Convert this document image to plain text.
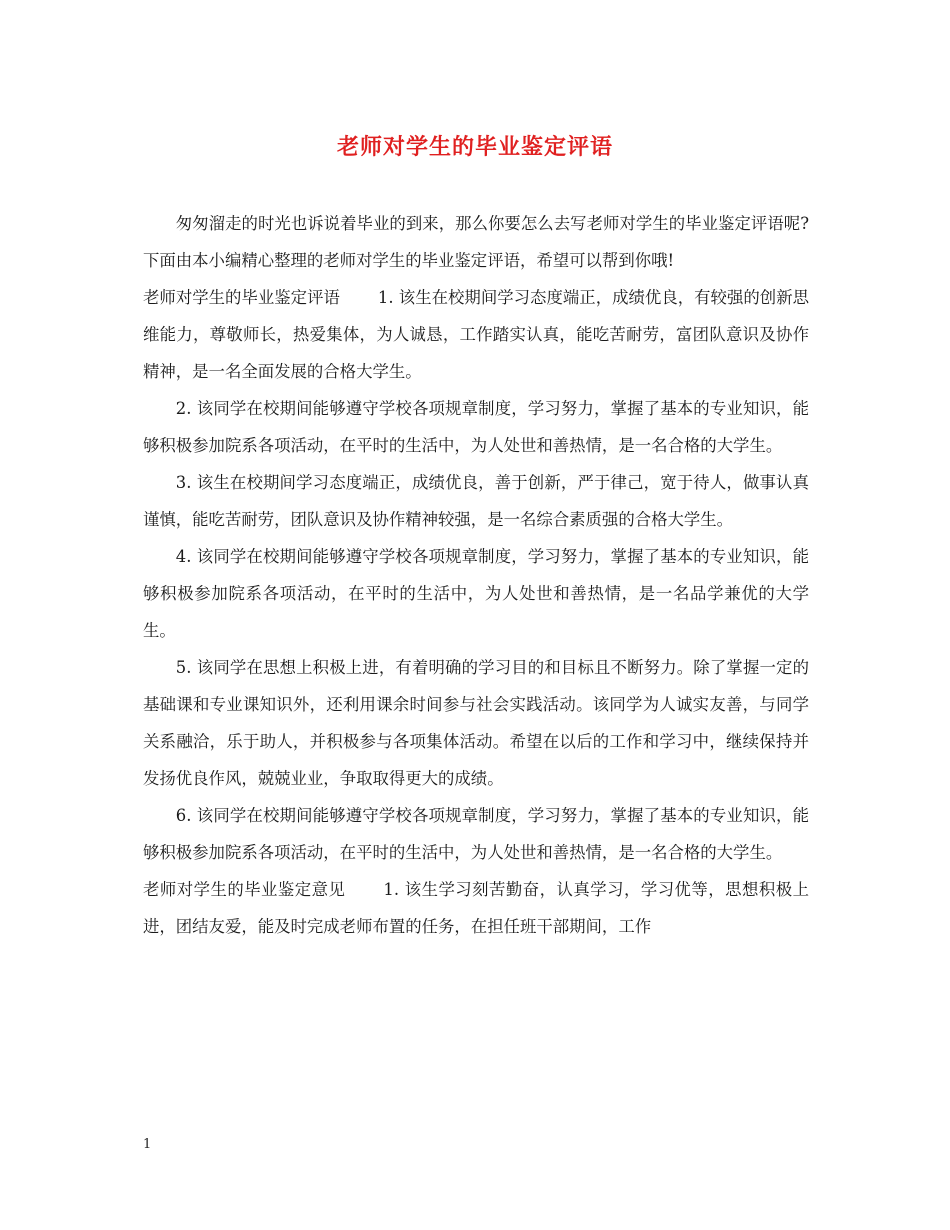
老师对学生的毕业鉴定评语

匆匆溜走的时光也诉说着毕业的到来，那么你要怎么去写老师对学生的毕业鉴定评语呢?下面由本小编精心整理的老师对学生的毕业鉴定评语，希望可以帮到你哦!

老师对学生的毕业鉴定评语 1. 该生在校期间学习态度端正，成绩优良，有较强的创新思维能力，尊敬师长，热爱集体，为人诚恳，工作踏实认真，能吃苦耐劳，富团队意识及协作精神，是一名全面发展的合格大学生。

2. 该同学在校期间能够遵守学校各项规章制度，学习努力，掌握了基本的专业知识，能够积极参加院系各项活动，在平时的生活中，为人处世和善热情，是一名合格的大学生。

3. 该生在校期间学习态度端正，成绩优良，善于创新，严于律己，宽于待人，做事认真谨慎，能吃苦耐劳，团队意识及协作精神较强，是一名综合素质强的合格大学生。

4. 该同学在校期间能够遵守学校各项规章制度，学习努力，掌握了基本的专业知识，能够积极参加院系各项活动，在平时的生活中，为人处世和善热情，是一名品学兼优的大学生。

5. 该同学在思想上积极上进，有着明确的学习目的和目标且不断努力。除了掌握一定的基础课和专业课知识外，还利用课余时间参与社会实践活动。该同学为人诚实友善，与同学关系融洽，乐于助人，并积极参与各项集体活动。希望在以后的工作和学习中，继续保持并发扬优良作风，兢兢业业，争取取得更大的成绩。

6. 该同学在校期间能够遵守学校各项规章制度，学习努力，掌握了基本的专业知识，能够积极参加院系各项活动，在平时的生活中，为人处世和善热情，是一名合格的大学生。

老师对学生的毕业鉴定意见 1. 该生学习刻苦勤奋，认真学习，学习优等，思想积极上进，团结友爱，能及时完成老师布置的任务，在担任班干部期间，工作

1
